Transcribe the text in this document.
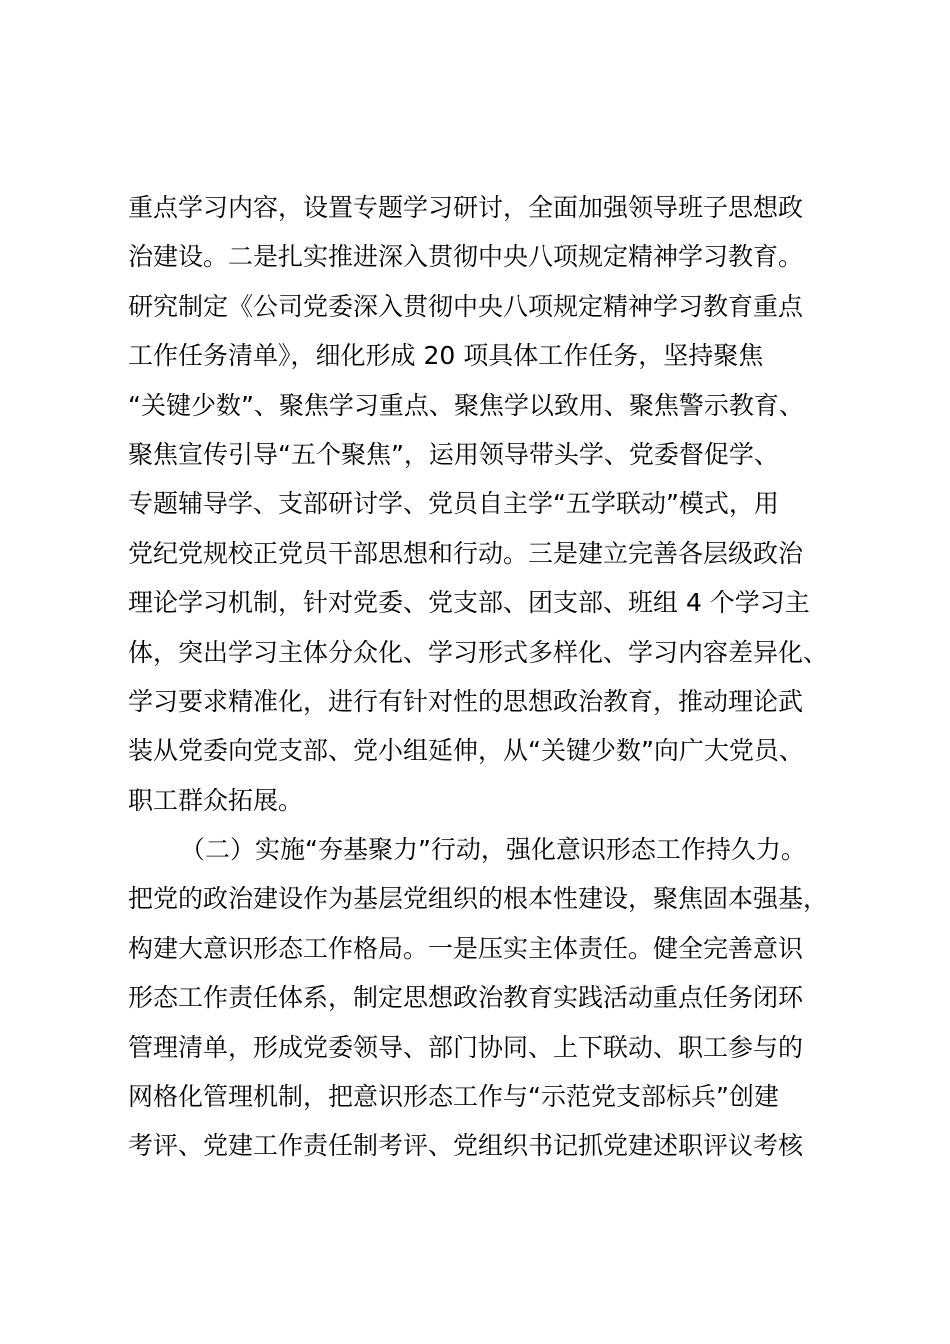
重点学习内容，设置专题学习研讨，全面加强领导班子思想政
治建设。二是扎实推进深入贯彻中央八项规定精神学习教育。
研究制定《公司党委深入贯彻中央八项规定精神学习教育重点
工作任务清单》，细化形成 20 项具体工作任务，坚持聚焦
“关键少数”、聚焦学习重点、聚焦学以致用、聚焦警示教育、
聚焦宣传引导“五个聚焦”，运用领导带头学、党委督促学、
专题辅导学、支部研讨学、党员自主学“五学联动”模式，用
党纪党规校正党员干部思想和行动。三是建立完善各层级政治
理论学习机制，针对党委、党支部、团支部、班组 4 个学习主
体，突出学习主体分众化、学习形式多样化、学习内容差异化、
学习要求精准化，进行有针对性的思想政治教育，推动理论武
装从党委向党支部、党小组延伸，从“关键少数”向广大党员、
职工群众拓展。
（二）实施“夯基聚力”行动，强化意识形态工作持久力。
把党的政治建设作为基层党组织的根本性建设，聚焦固本强基，
构建大意识形态工作格局。一是压实主体责任。健全完善意识
形态工作责任体系，制定思想政治教育实践活动重点任务闭环
管理清单，形成党委领导、部门协同、上下联动、职工参与的
网格化管理机制，把意识形态工作与“示范党支部标兵”创建
考评、党建工作责任制考评、党组织书记抓党建述职评议考核
